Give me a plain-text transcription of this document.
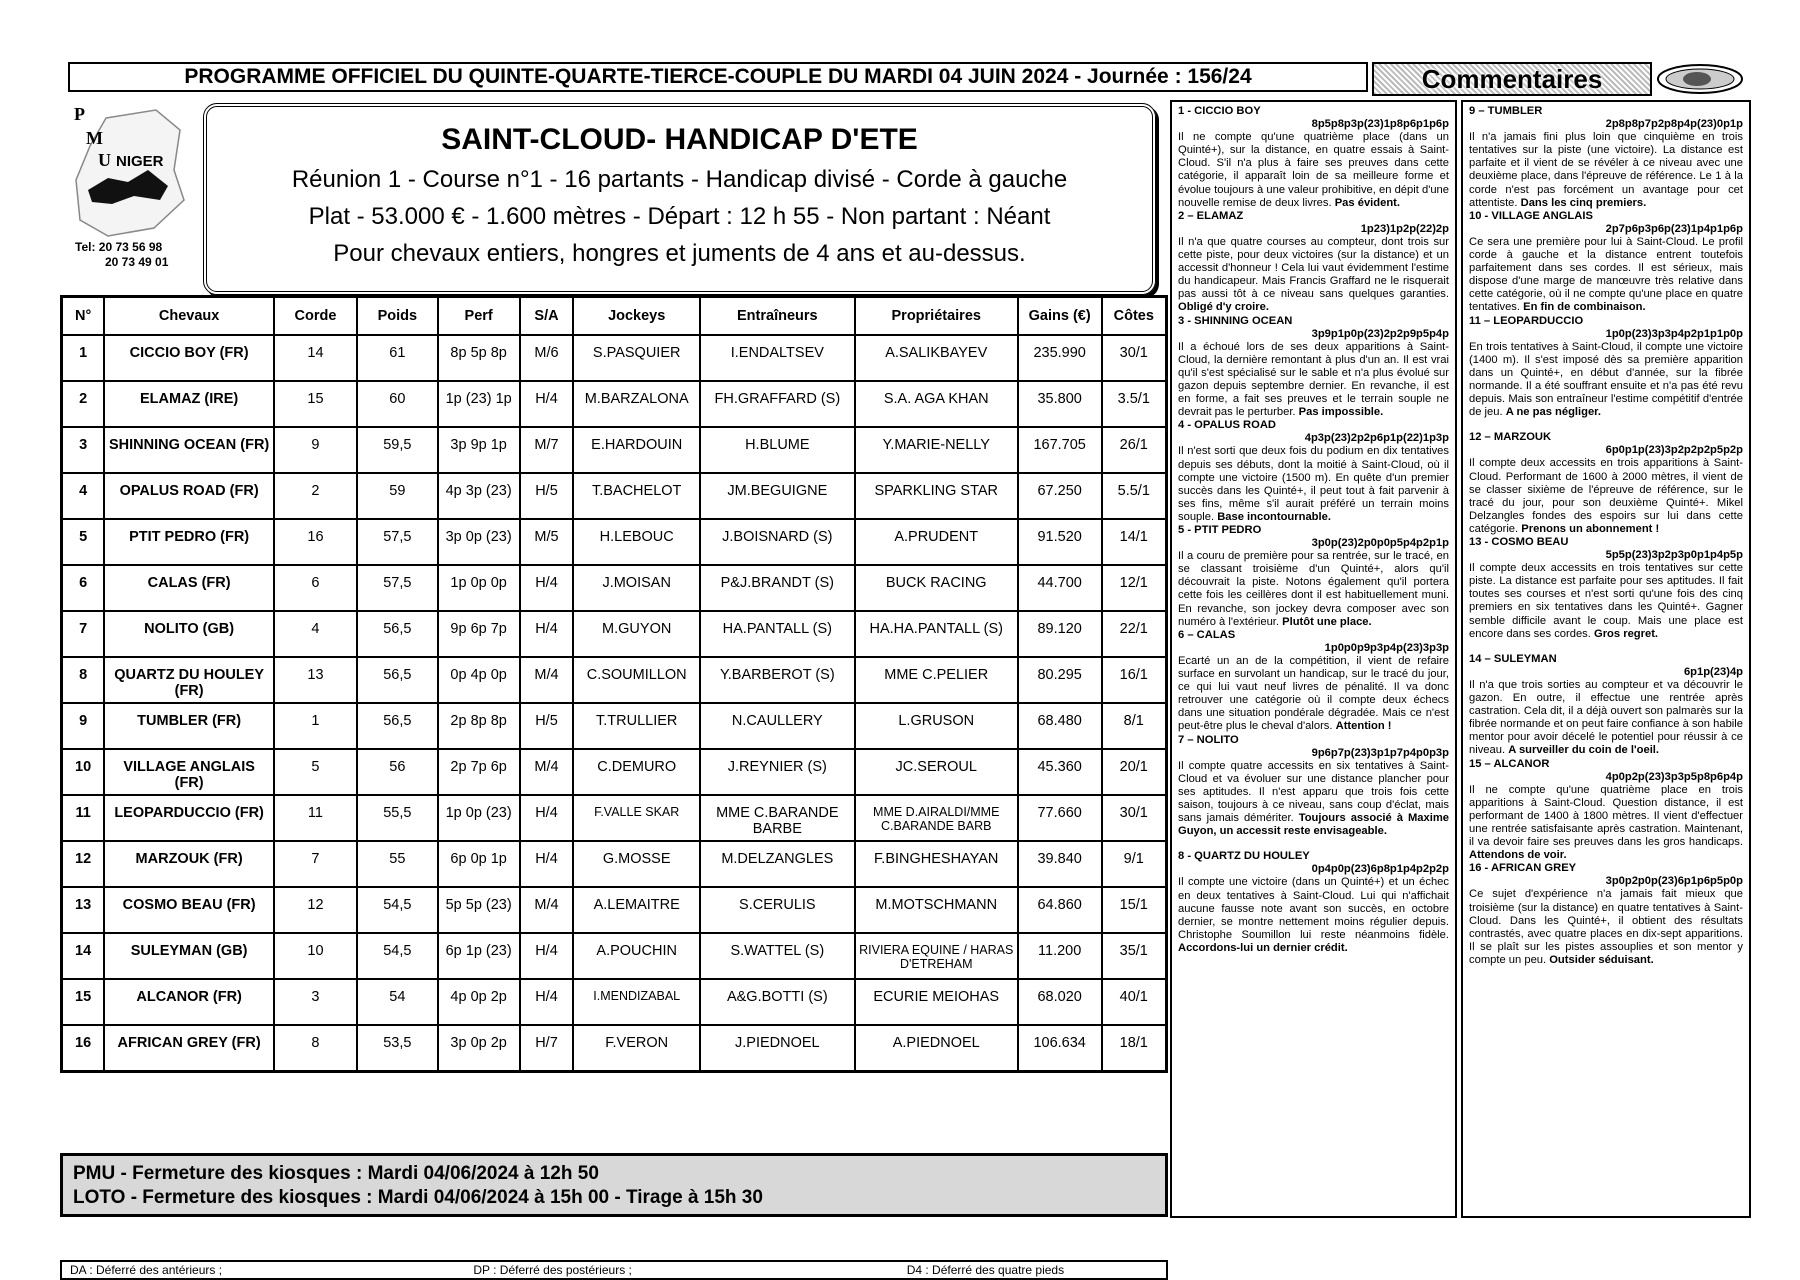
PROGRAMME OFFICIEL DU QUINTE-QUARTE-TIERCE-COUPLE DU MARDI 04 JUIN 2024 - Journée : 156/24	Commentaires
P
M
U NIGER
Tel: 20 73 56 98
20 73 49 01
SAINT-CLOUD- HANDICAP D'ETE
Réunion 1 - Course n°1 - 16 partants - Handicap divisé - Corde à gauche
Plat - 53.000 € - 1.600 mètres - Départ : 12 h 55 - Non partant : Néant
Pour chevaux entiers, hongres et juments de 4 ans et au-dessus.
N°	Chevaux	Corde	Poids	Perf	S/A	Jockeys	Entraîneurs	Propriétaires	Gains (€)	Côtes
1	CICCIO BOY (FR)	14	61	8p 5p 8p	M/6	S.PASQUIER	I.ENDALTSEV	A.SALIKBAYEV	235.990	30/1
2	ELAMAZ (IRE)	15	60	1p (23) 1p	H/4	M.BARZALONA	FH.GRAFFARD (S)	S.A. AGA KHAN	35.800	3.5/1
3	SHINNING OCEAN (FR)	9	59,5	3p 9p 1p	M/7	E.HARDOUIN	H.BLUME	Y.MARIE-NELLY	167.705	26/1
4	OPALUS ROAD (FR)	2	59	4p 3p (23)	H/5	T.BACHELOT	JM.BEGUIGNE	SPARKLING STAR	67.250	5.5/1
5	PTIT PEDRO (FR)	16	57,5	3p 0p (23)	M/5	H.LEBOUC	J.BOISNARD (S)	A.PRUDENT	91.520	14/1
6	CALAS (FR)	6	57,5	1p 0p 0p	H/4	J.MOISAN	P&J.BRANDT (S)	BUCK RACING	44.700	12/1
7	NOLITO (GB)	4	56,5	9p 6p 7p	H/4	M.GUYON	HA.PANTALL (S)	HA.HA.PANTALL (S)	89.120	22/1
8	QUARTZ DU HOULEY (FR)	13	56,5	0p 4p 0p	M/4	C.SOUMILLON	Y.BARBEROT (S)	MME C.PELIER	80.295	16/1
9	TUMBLER (FR)	1	56,5	2p 8p 8p	H/5	T.TRULLIER	N.CAULLERY	L.GRUSON	68.480	8/1
10	VILLAGE ANGLAIS (FR)	5	56	2p 7p 6p	M/4	C.DEMURO	J.REYNIER (S)	JC.SEROUL	45.360	20/1
11	LEOPARDUCCIO (FR)	11	55,5	1p 0p (23)	H/4	F.VALLE SKAR	MME C.BARANDE BARBE	MME D.AIRALDI/MME C.BARANDE BARB	77.660	30/1
12	MARZOUK (FR)	7	55	6p 0p 1p	H/4	G.MOSSE	M.DELZANGLES	F.BINGHESHAYAN	39.840	9/1
13	COSMO BEAU (FR)	12	54,5	5p 5p (23)	M/4	A.LEMAITRE	S.CERULIS	M.MOTSCHMANN	64.860	15/1
14	SULEYMAN (GB)	10	54,5	6p 1p (23)	H/4	A.POUCHIN	S.WATTEL (S)	RIVIERA EQUINE / HARAS D'ETREHAM	11.200	35/1
15	ALCANOR (FR)	3	54	4p 0p 2p	H/4	I.MENDIZABAL	A&G.BOTTI (S)	ECURIE MEIOHAS	68.020	40/1
16	AFRICAN GREY (FR)	8	53,5	3p 0p 2p	H/7	F.VERON	J.PIEDNOEL	A.PIEDNOEL	106.634	18/1
PMU - Fermeture des kiosques : Mardi 04/06/2024 à 12h 50
LOTO - Fermeture des kiosques : Mardi 04/06/2024 à 15h 00 - Tirage à 15h 30
DA : Déferré des antérieurs ;	DP : Déferré des postérieurs ;	D4 : Déferré des quatre pieds
1 - CICCIO BOY
8p5p8p3p(23)1p8p6p1p6p
Il ne compte qu'une quatrième place (dans un Quinté+), sur la distance, en quatre essais à Saint-Cloud. S'il n'a plus à faire ses preuves dans cette catégorie, il apparaît loin de sa meilleure forme et évolue toujours à une valeur prohibitive, en dépit d'une nouvelle remise de deux livres. Pas évident.
2 – ELAMAZ
1p23)1p2p(22)2p
Il n'a que quatre courses au compteur, dont trois sur cette piste, pour deux victoires (sur la distance) et un accessit d'honneur ! Cela lui vaut évidemment l'estime du handicapeur. Mais Francis Graffard ne le risquerait pas aussi tôt à ce niveau sans quelques garanties. Obligé d'y croire.
3 - SHINNING OCEAN
3p9p1p0p(23)2p2p9p5p4p
Il a échoué lors de ses deux apparitions à Saint-Cloud, la dernière remontant à plus d'un an. Il est vrai qu'il s'est spécialisé sur le sable et n'a plus évolué sur gazon depuis septembre dernier. En revanche, il est en forme, a fait ses preuves et le terrain souple ne devrait pas le perturber. Pas impossible.
4 - OPALUS ROAD
4p3p(23)2p2p6p1p(22)1p3p
Il n'est sorti que deux fois du podium en dix tentatives depuis ses débuts, dont la moitié à Saint-Cloud, où il compte une victoire (1500 m). En quête d'un premier succès dans les Quinté+, il peut tout à fait parvenir à ses fins, même s'il aurait préféré un terrain moins souple. Base incontournable.
5 - PTIT PEDRO
3p0p(23)2p0p0p5p4p2p1p
Il a couru de première pour sa rentrée, sur le tracé, en se classant troisième d'un Quinté+, alors qu'il découvrait la piste. Notons également qu'il portera cette fois les ceillères dont il est habituellement muni. En revanche, son jockey devra composer avec son numéro à l'extérieur. Plutôt une place.
6 – CALAS
1p0p0p9p3p4p(23)3p3p
Ecarté un an de la compétition, il vient de refaire surface en survolant un handicap, sur le tracé du jour, ce qui lui vaut neuf livres de pénalité. Il va donc retrouver une catégorie où il compte deux échecs dans une situation pondérale dégradée. Mais ce n'est peut-être plus le cheval d'alors. Attention !
7 – NOLITO
9p6p7p(23)3p1p7p4p0p3p
Il compte quatre accessits en six tentatives à Saint-Cloud et va évoluer sur une distance plancher pour ses aptitudes. Il n'est apparu que trois fois cette saison, toujours à ce niveau, sans coup d'éclat, mais sans jamais démériter. Toujours associé à Maxime Guyon, un accessit reste envisageable.
8 - QUARTZ DU HOULEY
0p4p0p(23)6p8p1p4p2p2p
Il compte une victoire (dans un Quinté+) et un échec en deux tentatives à Saint-Cloud. Lui qui n'affichait aucune fausse note avant son succès, en octobre dernier, se montre nettement moins régulier depuis. Christophe Soumillon lui reste néanmoins fidèle. Accordons-lui un dernier crédit.
9 – TUMBLER
2p8p8p7p2p8p4p(23)0p1p
Il n'a jamais fini plus loin que cinquième en trois tentatives sur la piste (une victoire). La distance est parfaite et il vient de se révéler à ce niveau avec une deuxième place, dans l'épreuve de référence. Le 1 à la corde n'est pas forcément un avantage pour cet attentiste. Dans les cinq premiers.
10 - VILLAGE ANGLAIS
2p7p6p3p6p(23)1p4p1p6p
Ce sera une première pour lui à Saint-Cloud. Le profil corde à gauche et la distance entrent toutefois parfaitement dans ses cordes. Il est sérieux, mais dispose d'une marge de manœuvre très relative dans cette catégorie, où il ne compte qu'une place en quatre tentatives. En fin de combinaison.
11 – LEOPARDUCCIO
1p0p(23)3p3p4p2p1p1p0p
En trois tentatives à Saint-Cloud, il compte une victoire (1400 m). Il s'est imposé dès sa première apparition dans un Quinté+, en début d'année, sur la fibrée normande. Il a été souffrant ensuite et n'a pas été revu depuis. Mais son entraîneur l'estime compétitif d'entrée de jeu. A ne pas négliger.
12 – MARZOUK
6p0p1p(23)3p2p2p2p5p2p
Il compte deux accessits en trois apparitions à Saint-Cloud. Performant de 1600 à 2000 mètres, il vient de se classer sixième de l'épreuve de référence, sur le tracé du jour, pour son deuxième Quinté+. Mikel Delzangles fondes des espoirs sur lui dans cette catégorie. Prenons un abonnement !
13 - COSMO BEAU
5p5p(23)3p2p3p0p1p4p5p
Il compte deux accessits en trois tentatives sur cette piste. La distance est parfaite pour ses aptitudes. Il fait toutes ses courses et n'est sorti qu'une fois des cinq premiers en six tentatives dans les Quinté+. Gagner semble difficile avant le coup. Mais une place est encore dans ses cordes. Gros regret.
14 – SULEYMAN
6p1p(23)4p
Il n'a que trois sorties au compteur et va découvrir le gazon. En outre, il effectue une rentrée après castration. Cela dit, il a déjà ouvert son palmarès sur la fibrée normande et on peut faire confiance à son habile mentor pour avoir décelé le potentiel pour réussir à ce niveau. A surveiller du coin de l'oeil.
15 – ALCANOR
4p0p2p(23)3p3p5p8p6p4p
Il ne compte qu'une quatrième place en trois apparitions à Saint-Cloud. Question distance, il est performant de 1400 à 1800 mètres. Il vient d'effectuer une rentrée satisfaisante après castration. Maintenant, il va devoir faire ses preuves dans les gros handicaps. Attendons de voir.
16 - AFRICAN GREY
3p0p2p0p(23)6p1p6p5p0p
Ce sujet d'expérience n'a jamais fait mieux que troisième (sur la distance) en quatre tentatives à Saint-Cloud. Dans les Quinté+, il obtient des résultats contrastés, avec quatre places en dix-sept apparitions. Il se plaît sur les pistes assouplies et son mentor y compte un peu. Outsider séduisant.
